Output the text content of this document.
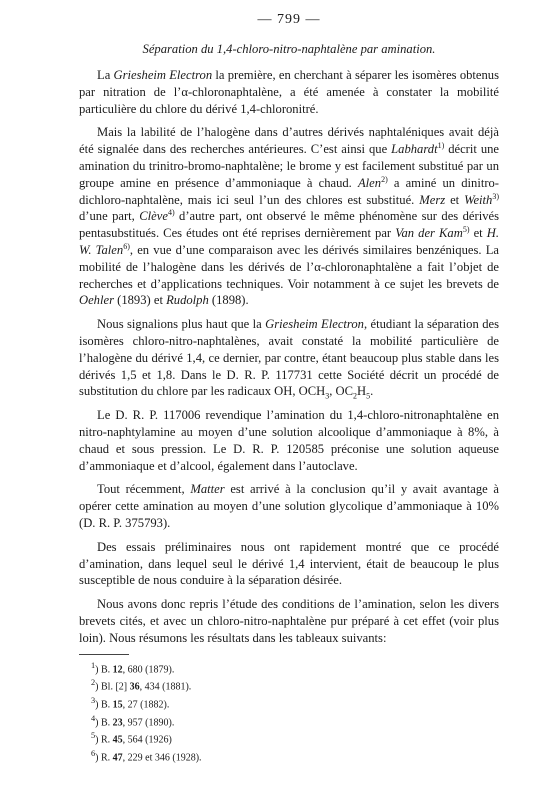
— 799 —
Séparation du 1,4-chloro-nitro-naphtalène par amination.

La Griesheim Electron la première, en cherchant à séparer les isomères obtenus par nitration de l’α-chloronaphtalène, a été amenée à constater la mobilité particulière du chlore du dérivé 1,4-chloronitré.

Mais la labilité de l’halogène dans d’autres dérivés naphtaléniques avait déjà été signalée dans des recherches antérieures. C’est ainsi que Labhardt$^{1)}$ décrit une amination du trinitro-bromo-naphtalène; le brome y est facilement substitué par un groupe amine en présence d’ammoniaque à chaud. Alen$^{2)}$ a aminé un dinitro-dichloro-naphtalène, mais ici seul l’un des chlores est substitué. Merz et Weith$^{3)}$ d’une part, Clève$^{4)}$ d’autre part, ont observé le même phénomène sur des dérivés pentasubstitués. Ces études ont été reprises dernièrement par Van der Kam$^{5)}$ et H. W. Talen$^{6)}$, en vue d’une comparaison avec les dérivés similaires benzéniques. La mobilité de l’halogène dans les dérivés de l’α-chloronaphtalène a fait l’objet de recherches et d’applications techniques. Voir notamment à ce sujet les brevets de Oehler (1893) et Rudolph (1898).

Nous signalions plus haut que la Griesheim Electron, étudiant la séparation des isomères chloro-nitro-naphtalènes, avait constaté la mobilité particulière de l’halogène du dérivé 1,4, ce dernier, par contre, étant beaucoup plus stable dans les dérivés 1,5 et 1,8. Dans le D. R. P. 117731 cette Société décrit un procédé de substitution du chlore par les radicaux OH, $OCH_3$, $OC_2H_5$.

Le D. R. P. 117006 revendique l’amination du 1,4-chloro-nitronaphtalène en nitro-naphtylamine au moyen d’une solution alcoolique d’ammoniaque à 8%, à chaud et sous pression. Le D. R. P. 120585 préconise une solution aqueuse d’ammoniaque et d’alcool, également dans l’autoclave.

Tout récemment, Matter est arrivé à la conclusion qu’il y avait avantage à opérer cette amination au moyen d’une solution glycolique d’ammoniaque à 10% (D. R. P. 375793).

Des essais préliminaires nous ont rapidement montré que ce procédé d’amination, dans lequel seul le dérivé 1,4 intervient, était de beaucoup le plus susceptible de nous conduire à la séparation désirée.

Nous avons donc repris l’étude des conditions de l’amination, selon les divers brevets cités, et avec un chloro-nitro-naphtalène pur préparé à cet effet (voir plus loin). Nous résumons les résultats dans les tableaux suivants:

$^1$) B. 12, 680 (1879).
$^2$) Bl. [2] 36, 434 (1881).
$^3$) B. 15, 27 (1882).
$^4$) B. 23, 957 (1890).
$^5$) R. 45, 564 (1926)
$^6$) R. 47, 229 et 346 (1928).
